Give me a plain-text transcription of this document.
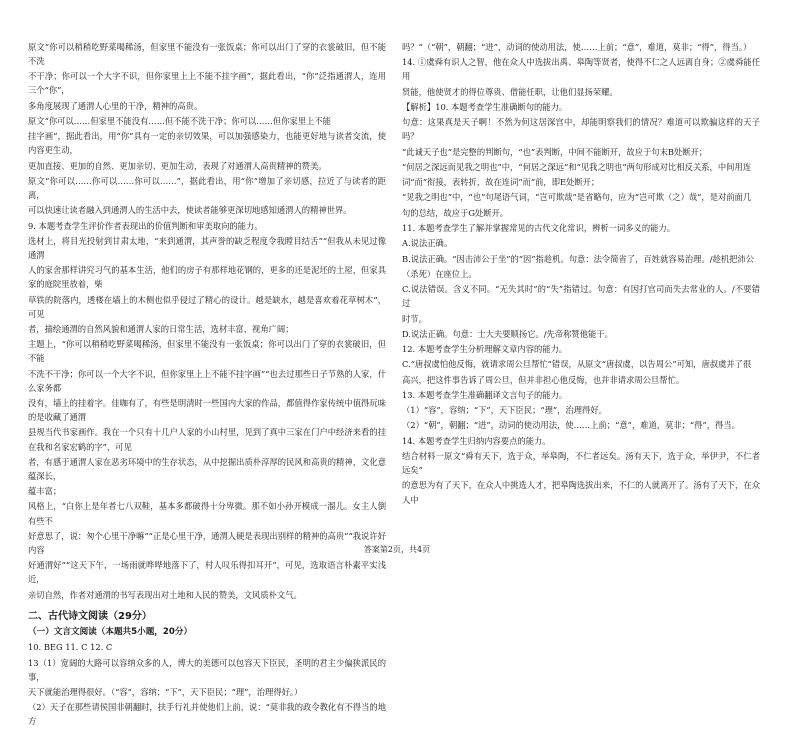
原文“你可以稍稍吃野菜喝稀汤，但家里不能没有一张饭桌；你可以出门了穿的衣裳破旧，但不能不洗

不干净；你可以一个大字不识，但你家里上上不能不挂字画”，据此看出，“你”泛指通渭人，连用三个“你”，

多角度展现了通渭人心里的干净，精神的高贵。

原文“你可以……但家里不能没有……但不能不洗干净；你可以……但你家里上不能

挂字画”，据此看出，用“你”具有一定的亲切效果，可以加强感染力，也能更好地与读者交流，使内容更生动，

更加直接、更加的自然、更加亲切、更加生动，表现了对通渭人高贵精神的赞美。

原文“你可以……你可以……你可以……”，据此看出，用“你”增加了亲切感，拉近了与读者的距离，

可以快速让读者融入到通渭人的生活中去，使读者能够更深切地感知通渭人的精神世界。

9. 本题考查学生评价作者表现出的价值判断和审美取向的能力。

选材上，将目光投射到甘肃太地，“来到通渭，其声誉的缺乏程度令我瞠目结舌”“但我从未见过像通渭

人的家舍那样讲究习气的基本生活，他们的房子有那样地花钢的，更多的还是泥坯的土屋，但家具家的庭院里放着，柴

草铁的院落内，透楼在墙上的木侧也似乎侵过了精心的设计。越是缺水，越是喜欢着花草树木”，可见

者，描绘通渭的自然风貌和通渭人家的日常生活，选材丰富，视角广阔；

主题上，“你可以稍稍吃野菜喝稀汤，但家里不能没有一张饭桌；你可以出门了穿的衣裳破旧，但不能

不洗不干净；你可以一个大字不识，但你家里上上不能不挂字画”“也去过那些日子节熟的人家，什么家务都

没有，墙上的挂着字。佳咖有了，有些是明清时一些国内大家的作品，都值得作家传统中值得玩味的是收藏了通渭

县规当代书家画作。我在一个只有十几户人家的小山村里，见到了真中三家在门户中经济来看的挂在我和名家宏鹤的字”，可见

者，有感于通渭人家在恶劣环境中的生存状态，从中挖掘出质朴淳厚的民风和高贵的精神，文化意蕴深长，

蕴丰富；

风格上，“白你上是年者七八双鞋，基本多都破得十分卑微。那不如小孙开模成一溜儿。女主人倒有些不

好意思了，说：匆个心里干净嘛”“正是心里干净，通渭人硬是表现出别样的精神的高贵”“我说许好内容

好通渭好”“这天下午，一场雨就哗哗地落下了，村人叹乐得扣耳开”，可见，选取语言朴素平实浅近，

亲切自然，作者对通渭的书写表现出对土地和人民的赞美，文风质朴文气。

二、古代诗文阅读（29分）

（一）文言文阅读（本题共5小题，20分）

10. BEG 11. C 12. C

13（1）宽阔的大路可以容纳众多的人，博大的美德可以包容天下臣民，圣明的君主少偏狭派民的事，

天下就能治理得很好。（“容”，容纳；“下”，天下臣民；“理”，治理得好。）

（2）天子在那些请侯国非朝翻时，扶手行礼并使他们上前，说：“莫非我的政令教化有不得当的地方

吗？”（“朝”，朝翻；“进”，动词的使动用法，使……上前；“意”，难道，莫非；“得”，得当。）

14. ①虞舜有识人之智，他在众人中选拔出禹、皋陶等贤者，使得不仁之人远离自身；②虞舜能任用

贤能，他使贤才的得位尊贵、借能任职，让他们显扬荣耀。

【解析】10. 本题考查学生准确断句的能力。

句意：这果真是天子啊！不然为何这居深宫中，却能明察我们的情况？难道可以欺骗这样的天子吗？

“此诚天子也”是完整的判断句，“也”表判断，中间不能断开，故应于句末B处断开；

“何居之深远而见我之明也”中，“何居之深远”和“见我之明也”两句形成对比相反关系，中间用连

词“而”衔接，表转折，故在连词“而”前，即E处断开；

“见我之明也”中，“也”句尾语气词，“岂可欺哉”是省略句，应为“岂可欺（之）哉”，是对前面几

句的总结，故应于G处断开。

11. 本题考查学生了解并掌握常见的古代文化常识，辨析一词多义的能力。

A.说法正确。

B.说法正确。“因击沛公于坐”的“因”指趁机。句意：法令简省了，百姓就容易治理。/趁机把沛公

（杀死）在座位上。

C.说法错误。含义不同。“无失其时”的“失”指错过。句意：有因打官司而失去常业的人。/不要错过

时节。

D.说法正确。句意：士大夫要顺扬它。/先帝称赞他能干。

12. 本题考查学生分析理解文章内容的能力。

C.“唐叔虞怕他反悔，就请求周公旦帮忙”错误，从原文“唐叔虞，以告周公”可知，唐叔虞并了很

高兴，把这件事告诉了周公旦，但并非担心他反悔，也并非请求周公旦帮忙。

13. 本题考查学生准确翻译文言句子的能力。

（1）“容”，容纳；“下”，天下臣民；“理”，治理得好。

（2）“朝”，朝翻；“进”，动词的使动用法，使……上前；“意”，难道，莫非；“得”，得当。

14. 本题考查学生归纳内容要点的能力。

结合材料一原文“舜有天下，选于众，举皋陶，不仁者远矣。汤有天下，选于众，举伊尹，不仁者远矣”

的意思为有了天下，在众人中挑选人才，把皋陶选拔出来，不仁的人就离开了。汤有了天下，在众人中

答案第2页，共4页
